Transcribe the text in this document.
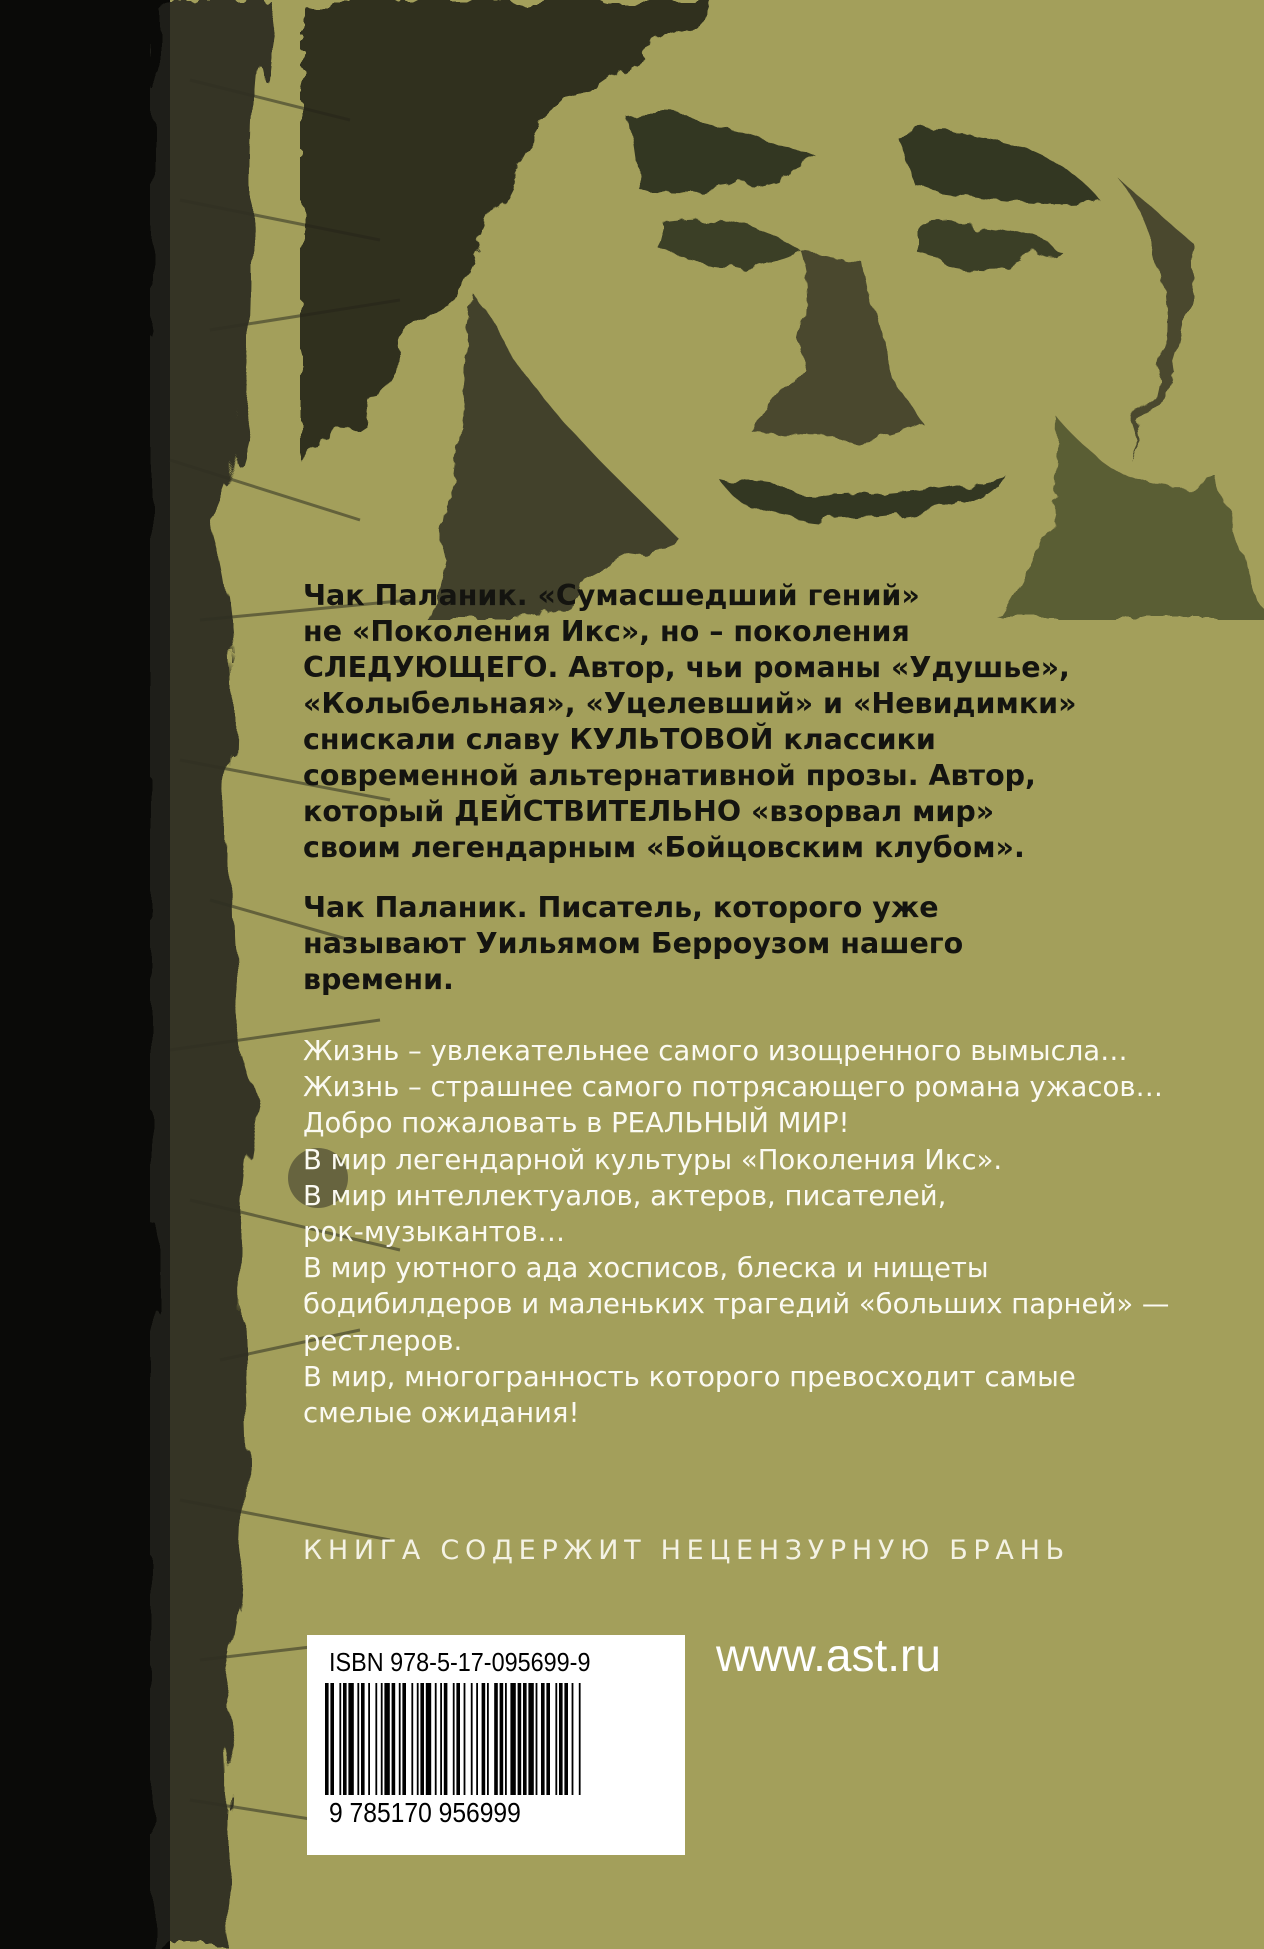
Чак Паланик. «Сумасшедший гений»

не «Поколения Икс», но – поколения

СЛЕДУЮЩЕГО. Автор, чьи романы «Удушье»,

«Колыбельная», «Уцелевший» и «Невидимки»

снискали славу КУЛЬТОВОЙ классики

современной альтернативной прозы. Автор,

который ДЕЙСТВИТЕЛЬНО «взорвал мир»

своим легендарным «Бойцовским клубом».

Чак Паланик. Писатель, которого уже

называют Уильямом Берроузом нашего

времени.

Жизнь – увлекательнее самого изощренного вымысла…

Жизнь – страшнее самого потрясающего романа ужасов…

Добро пожаловать в РЕАЛЬНЫЙ МИР!

В мир легендарной культуры «Поколения Икс».

В мир интеллектуалов, актеров, писателей,

рок-музыкантов…

В мир уютного ада хосписов, блеска и нищеты

бодибилдеров и маленьких трагедий «больших парней» —

рестлеров.

В мир, многогранность которого превосходит самые

смелые ожидания!

КНИГА СОДЕРЖИТ НЕЦЕНЗУРНУЮ БРАНЬ
ISBN 978-5-17-095699-9
9 785170 956999
www.ast.ru
